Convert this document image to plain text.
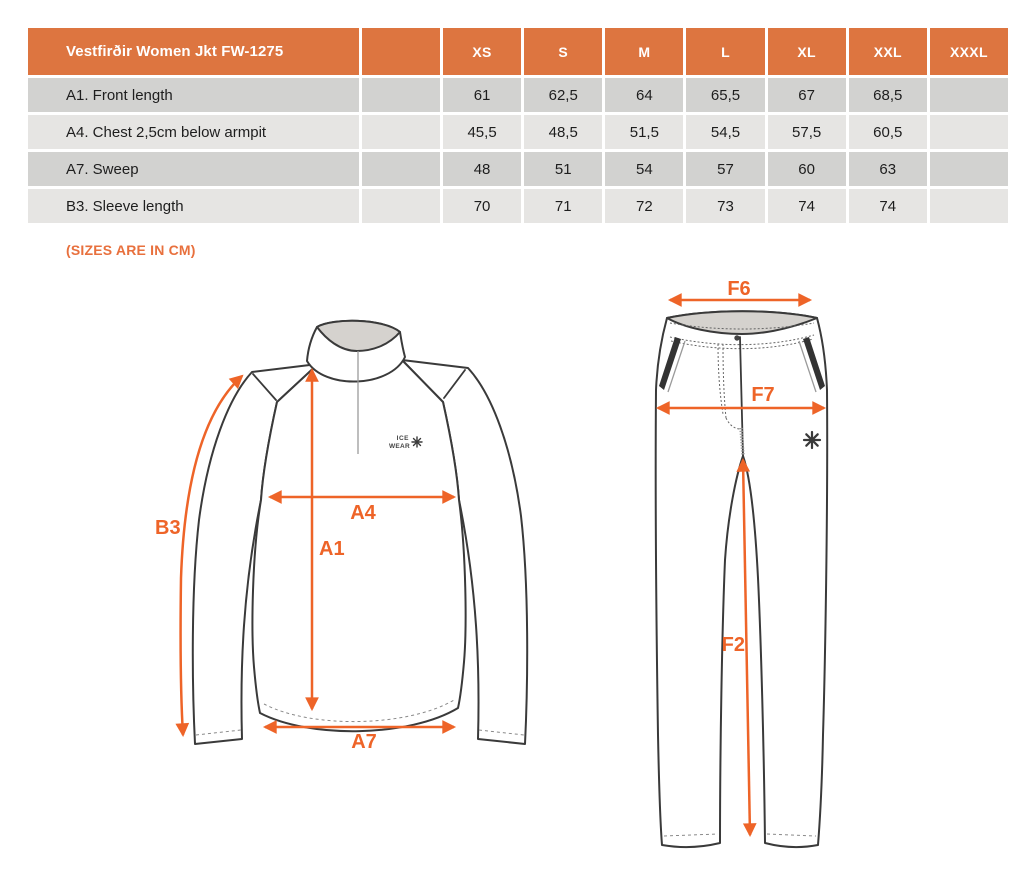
Vestfirðir Women Jkt FW-1275	XS	S	M	L	XL	XXL	XXXL
A1. Front length	61	62,5	64	65,5	67	68,5
A4. Chest 2,5cm below armpit	45,5	48,5	51,5	54,5	57,5	60,5
A7. Sweep	48	51	54	57	60	63
B3. Sleeve length	70	71	72	73	74	74
(SIZES ARE IN CM)
ICE
WEAR
B3
A4
A1
A7
F6
F7
F2
